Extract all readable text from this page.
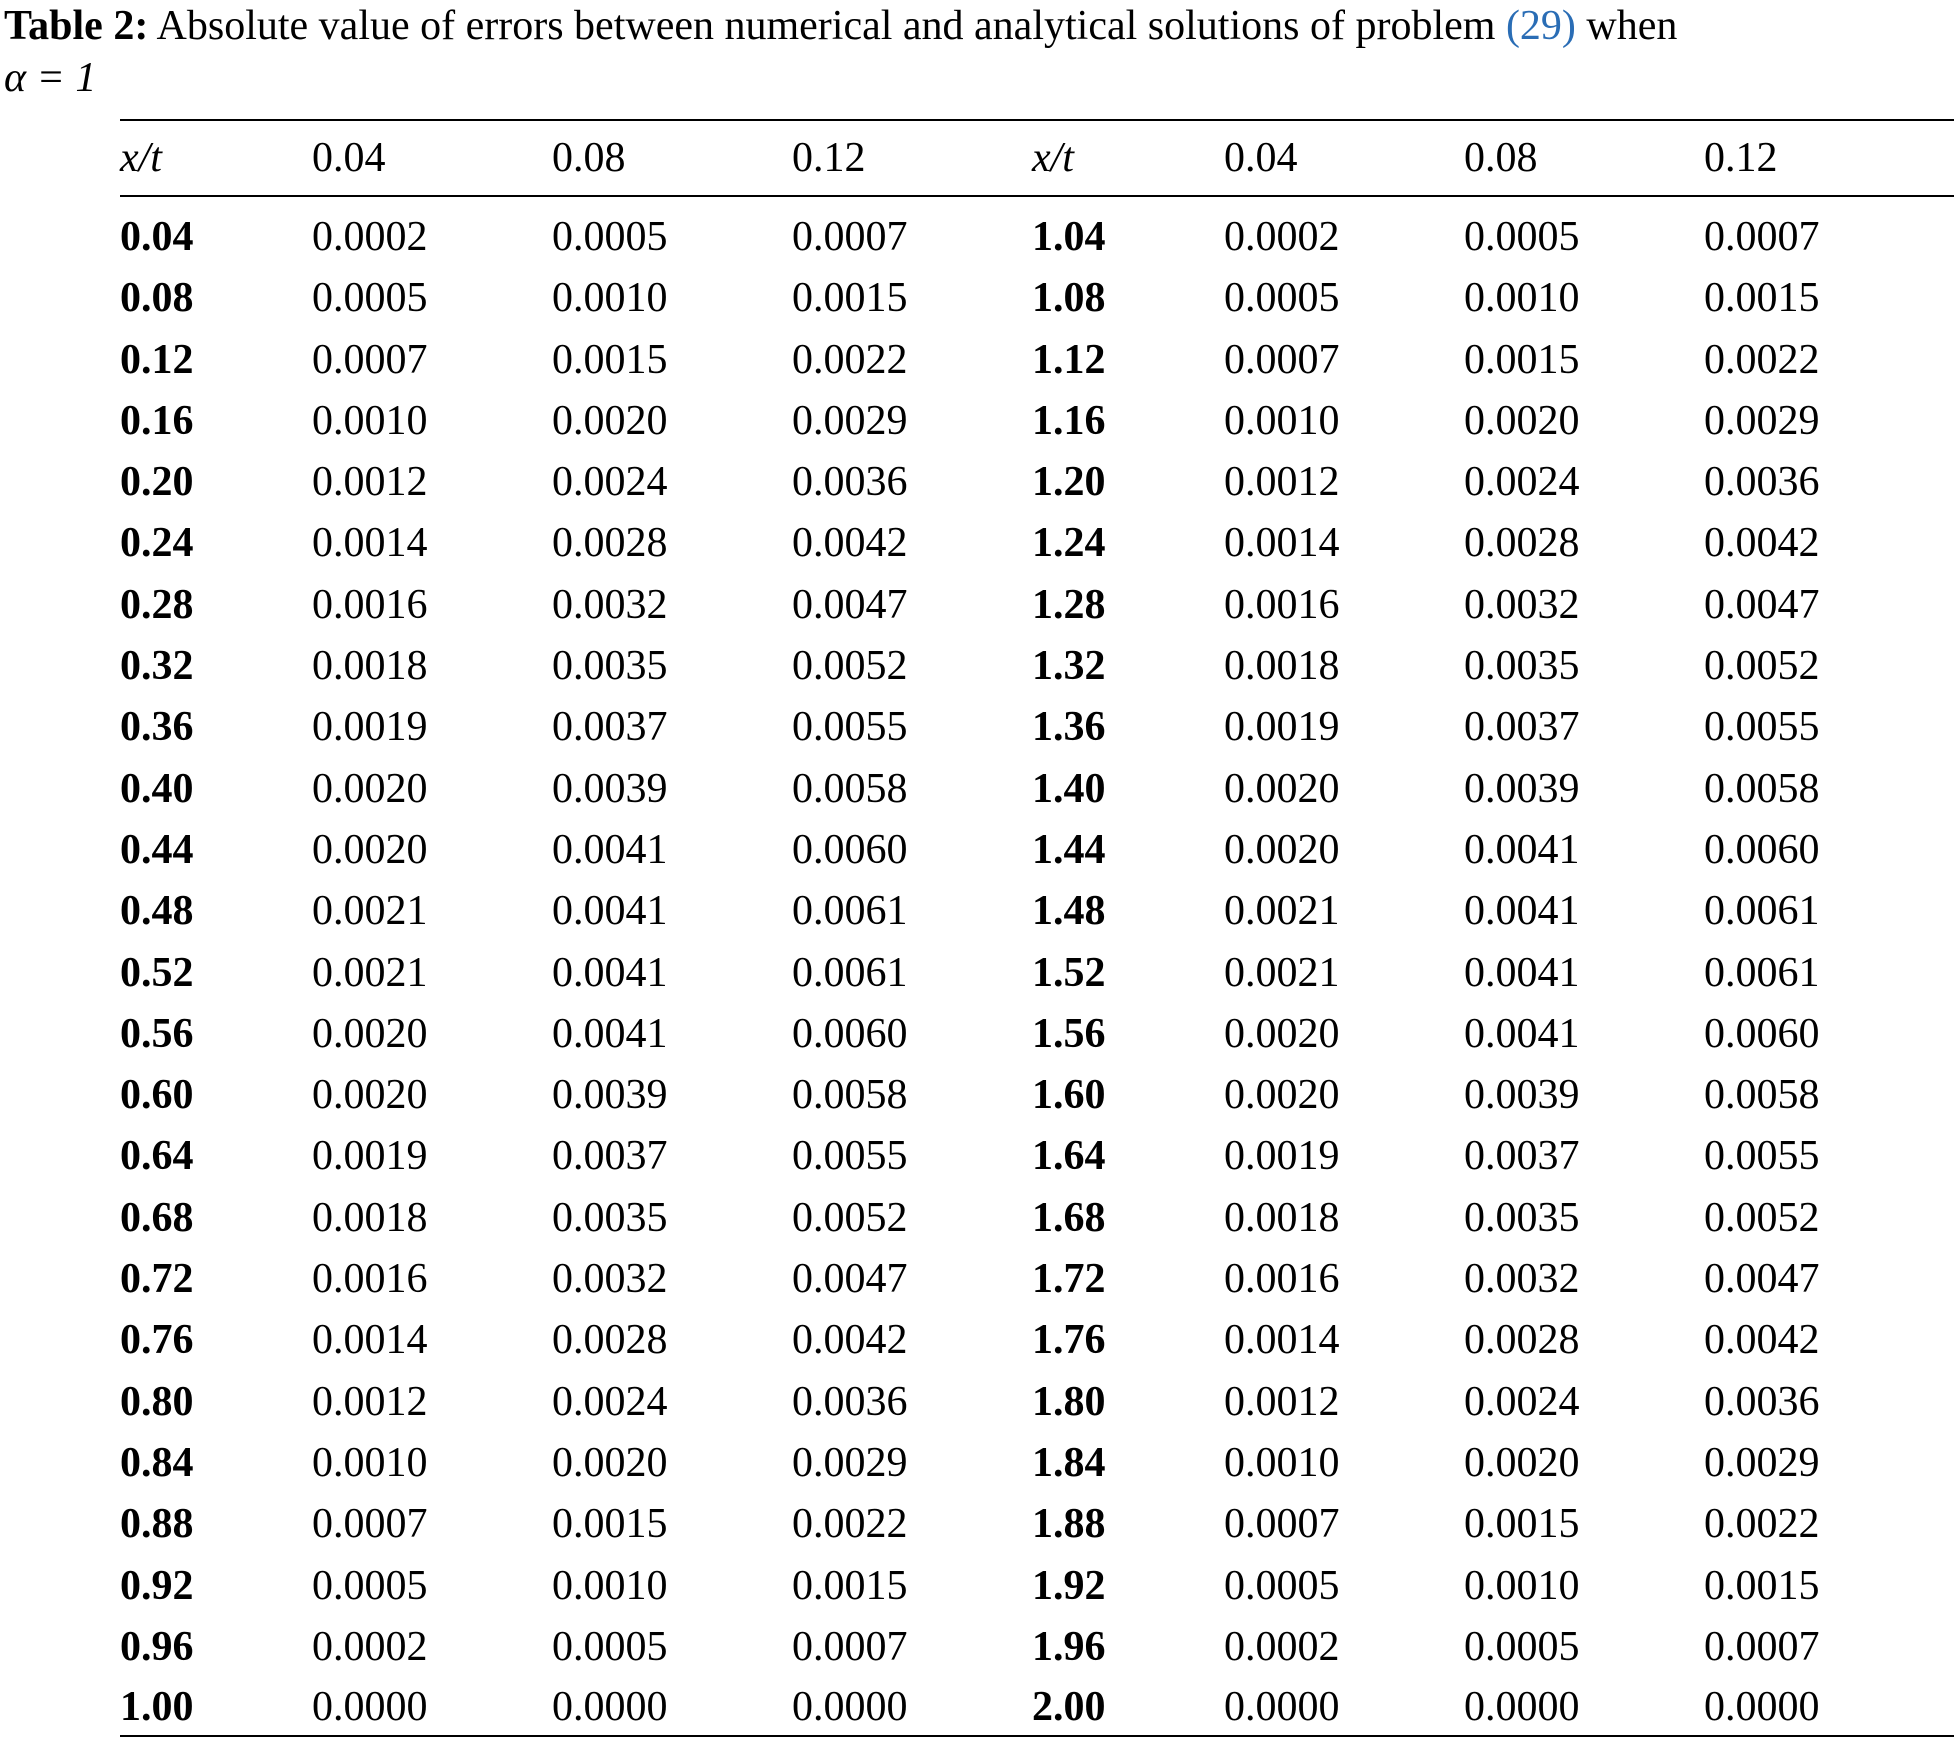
Table 2: Absolute value of errors between numerical and analytical solutions of problem (29) when
α = 1

x/t	0.04	0.08	0.12	x/t	0.04	0.08	0.12
0.04	0.0002	0.0005	0.0007	1.04	0.0002	0.0005	0.0007
0.08	0.0005	0.0010	0.0015	1.08	0.0005	0.0010	0.0015
0.12	0.0007	0.0015	0.0022	1.12	0.0007	0.0015	0.0022
0.16	0.0010	0.0020	0.0029	1.16	0.0010	0.0020	0.0029
0.20	0.0012	0.0024	0.0036	1.20	0.0012	0.0024	0.0036
0.24	0.0014	0.0028	0.0042	1.24	0.0014	0.0028	0.0042
0.28	0.0016	0.0032	0.0047	1.28	0.0016	0.0032	0.0047
0.32	0.0018	0.0035	0.0052	1.32	0.0018	0.0035	0.0052
0.36	0.0019	0.0037	0.0055	1.36	0.0019	0.0037	0.0055
0.40	0.0020	0.0039	0.0058	1.40	0.0020	0.0039	0.0058
0.44	0.0020	0.0041	0.0060	1.44	0.0020	0.0041	0.0060
0.48	0.0021	0.0041	0.0061	1.48	0.0021	0.0041	0.0061
0.52	0.0021	0.0041	0.0061	1.52	0.0021	0.0041	0.0061
0.56	0.0020	0.0041	0.0060	1.56	0.0020	0.0041	0.0060
0.60	0.0020	0.0039	0.0058	1.60	0.0020	0.0039	0.0058
0.64	0.0019	0.0037	0.0055	1.64	0.0019	0.0037	0.0055
0.68	0.0018	0.0035	0.0052	1.68	0.0018	0.0035	0.0052
0.72	0.0016	0.0032	0.0047	1.72	0.0016	0.0032	0.0047
0.76	0.0014	0.0028	0.0042	1.76	0.0014	0.0028	0.0042
0.80	0.0012	0.0024	0.0036	1.80	0.0012	0.0024	0.0036
0.84	0.0010	0.0020	0.0029	1.84	0.0010	0.0020	0.0029
0.88	0.0007	0.0015	0.0022	1.88	0.0007	0.0015	0.0022
0.92	0.0005	0.0010	0.0015	1.92	0.0005	0.0010	0.0015
0.96	0.0002	0.0005	0.0007	1.96	0.0002	0.0005	0.0007
1.00	0.0000	0.0000	0.0000	2.00	0.0000	0.0000	0.0000
